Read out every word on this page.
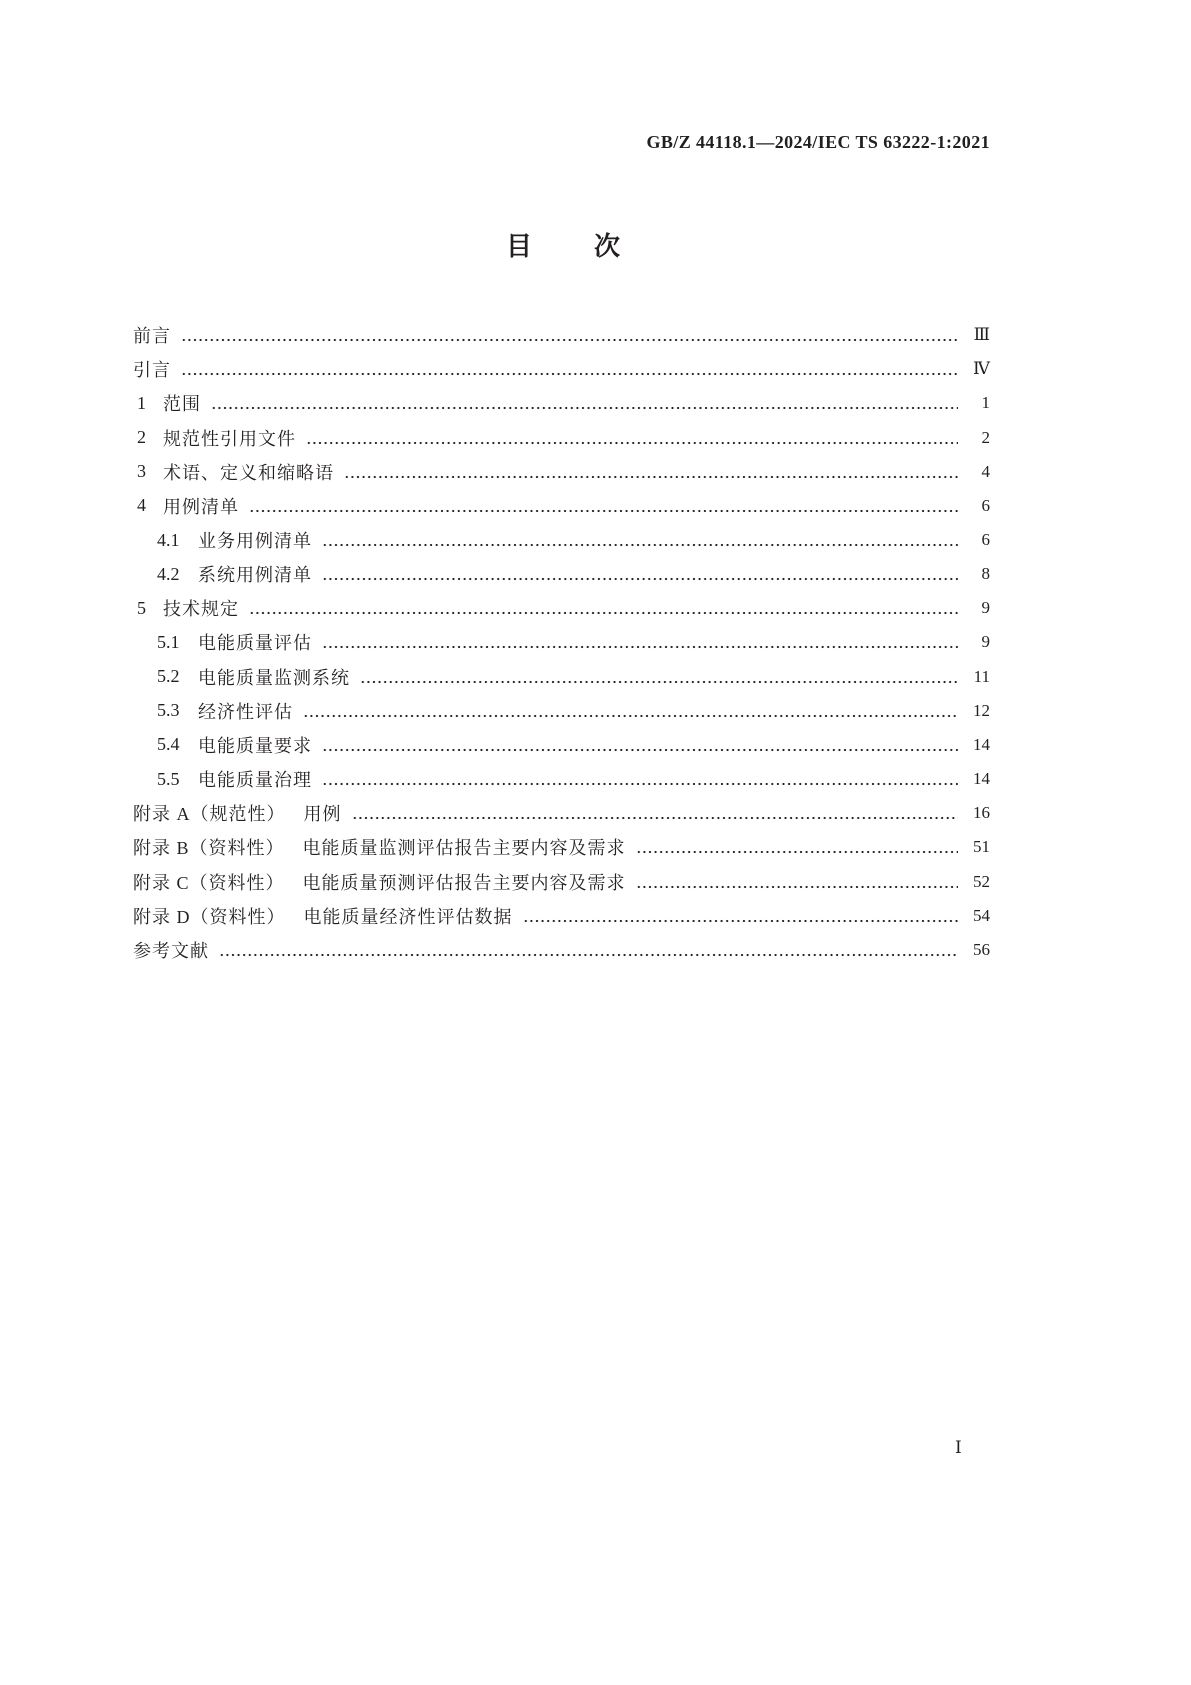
GB/Z 44118.1—2024/IEC TS 63222-1:2021
目次
前言	Ⅲ
引言	Ⅳ
1 范围	1
2 规范性引用文件	2
3 术语、定义和缩略语	4
4 用例清单	6
4.1	业务用例清单	6
4.2	系统用例清单	8
5 技术规定	9
5.1	电能质量评估	9
5.2	电能质量监测系统	11
5.3	经济性评估	12
5.4	电能质量要求	14
5.5	电能质量治理	14
附录 A（规范性） 用例	16
附录 B（资料性） 电能质量监测评估报告主要内容及需求	51
附录 C（资料性） 电能质量预测评估报告主要内容及需求	52
附录 D（资料性） 电能质量经济性评估数据	54
参考文献	56
Ⅰ
